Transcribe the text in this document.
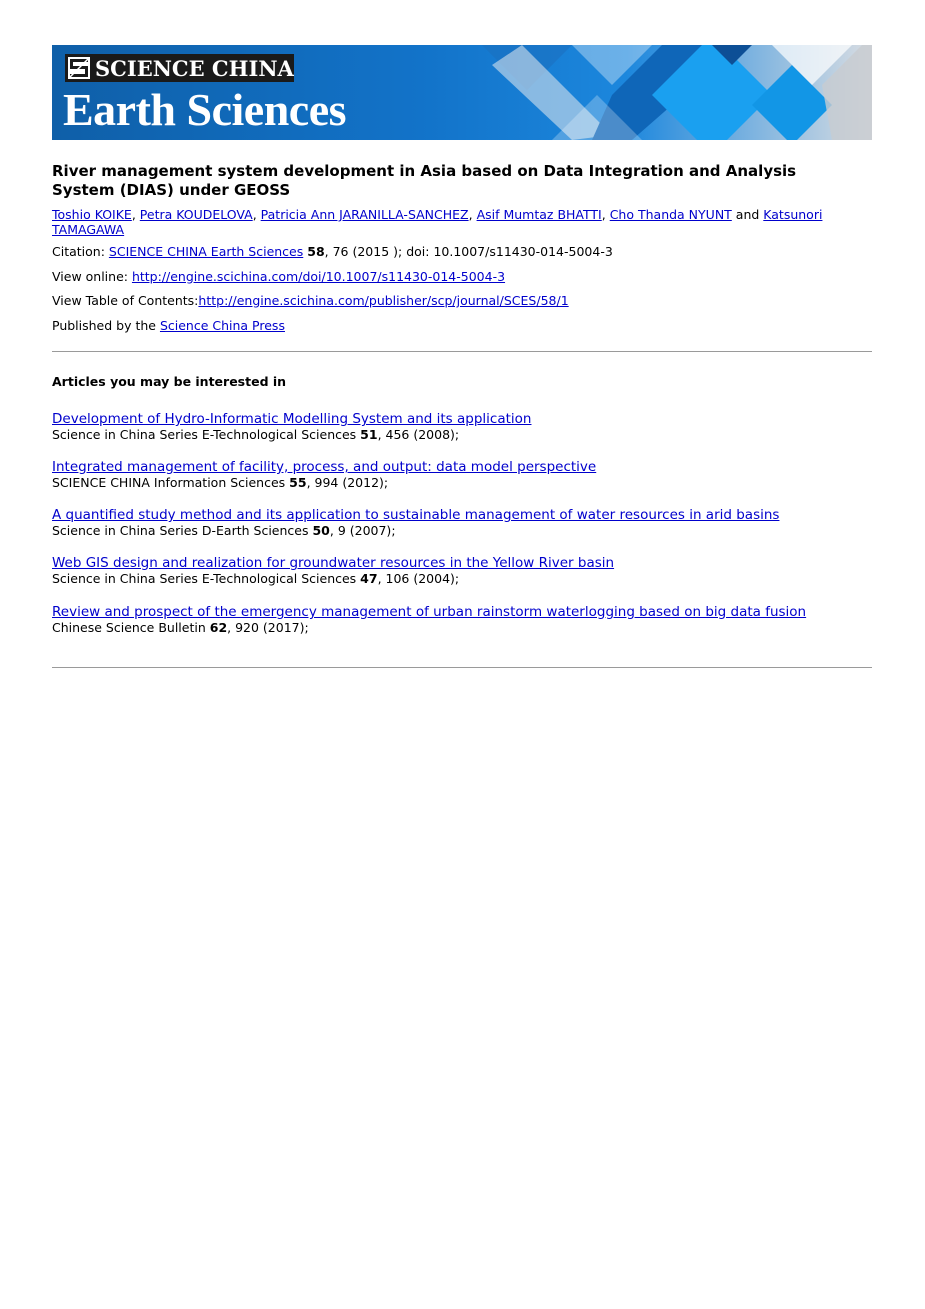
SCIENCE CHINA
Earth Sciences
River management system development in Asia based on Data Integration and Analysis System (DIAS) under GEOSS
Toshio KOIKE, Petra KOUDELOVA, Patricia Ann JARANILLA-SANCHEZ, Asif Mumtaz BHATTI, Cho Thanda NYUNT and Katsunori TAMAGAWA
Citation: SCIENCE CHINA Earth Sciences 58, 76 (2015 ); doi: 10.1007/s11430-014-5004-3
View online: http://engine.scichina.com/doi/10.1007/s11430-014-5004-3
View Table of Contents:http://engine.scichina.com/publisher/scp/journal/SCES/58/1
Published by the Science China Press
Articles you may be interested in
Development of Hydro-Informatic Modelling System and its application
Science in China Series E-Technological Sciences 51, 456 (2008);
Integrated management of facility, process, and output: data model perspective
SCIENCE CHINA Information Sciences 55, 994 (2012);
A quantified study method and its application to sustainable management of water resources in arid basins
Science in China Series D-Earth Sciences 50, 9 (2007);
Web GIS design and realization for groundwater resources in the Yellow River basin
Science in China Series E-Technological Sciences 47, 106 (2004);
Review and prospect of the emergency management of urban rainstorm waterlogging based on big data fusion
Chinese Science Bulletin 62, 920 (2017);
